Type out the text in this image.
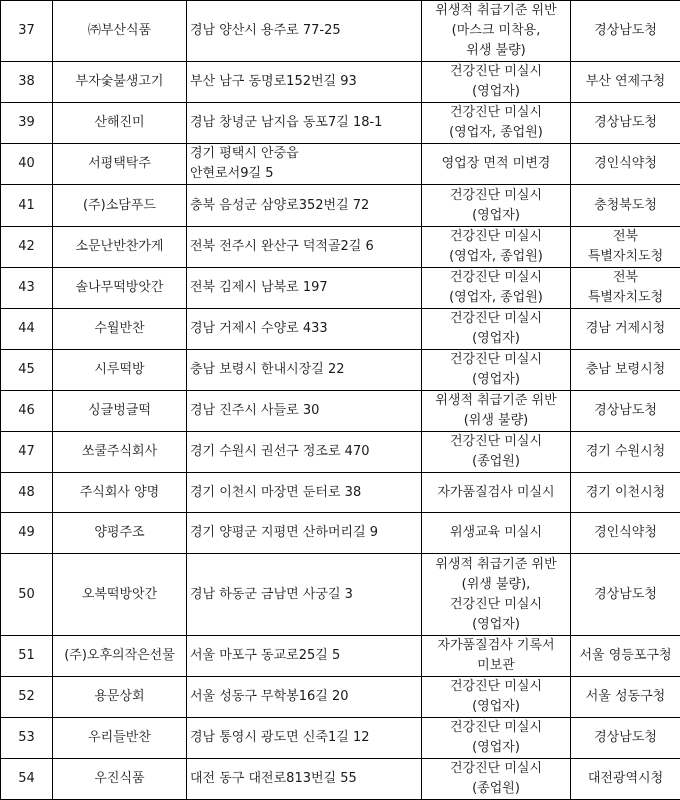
37	㈜부산식품	경남 양산시 용주로 77-25	위생적 취급기준 위반
(마스크 미착용,
위생 불량)	경상남도청

38	부자숯불생고기	부산 남구 동명로152번길 93	건강진단 미실시
(영업자)	부산 연제구청

39	산해진미	경남 창녕군 남지읍 동포7길 18-1	건강진단 미실시
(영업자, 종업원)	경상남도청

40	서평택탁주	경기 평택시 안중읍
안현로서9길 5	영업장 면적 미변경	경인식약청

41	(주)소담푸드	충북 음성군 삼양로352번길 72	건강진단 미실시
(영업자)	충청북도청

42	소문난반찬가게	전북 전주시 완산구 덕적골2길 6	건강진단 미실시
(영업자, 종업원)	전북
특별자치도청

43	솔나무떡방앗간	전북 김제시 남북로 197	건강진단 미실시
(영업자, 종업원)	전북
특별자치도청

44	수월반찬	경남 거제시 수양로 433	건강진단 미실시
(영업자)	경남 거제시청

45	시루떡방	충남 보령시 한내시장길 22	건강진단 미실시
(영업자)	충남 보령시청

46	싱글벙글떡	경남 진주시 사들로 30	위생적 취급기준 위반
(위생 불량)	경상남도청

47	쏘쿨주식회사	경기 수원시 권선구 정조로 470	건강진단 미실시
(종업원)	경기 수원시청

48	주식회사 양명	경기 이천시 마장면 둔터로 38	자가품질검사 미실시	경기 이천시청

49	양평주조	경기 양평군 지평면 산하머리길 9	위생교육 미실시	경인식약청

50	오복떡방앗간	경남 하동군 금남면 사궁길 3	위생적 취급기준 위반
(위생 불량),
건강진단 미실시
(영업자)	경상남도청

51	(주)오후의작은선물	서울 마포구 동교로25길 5	자가품질검사 기록서
미보관	서울 영등포구청

52	용문상회	서울 성동구 무학봉16길 20	건강진단 미실시
(영업자)	서울 성동구청

53	우리들반찬	경남 통영시 광도면 신죽1길 12	건강진단 미실시
(영업자)	경상남도청

54	우진식품	대전 동구 대전로813번길 55	건강진단 미실시
(종업원)	대전광역시청
